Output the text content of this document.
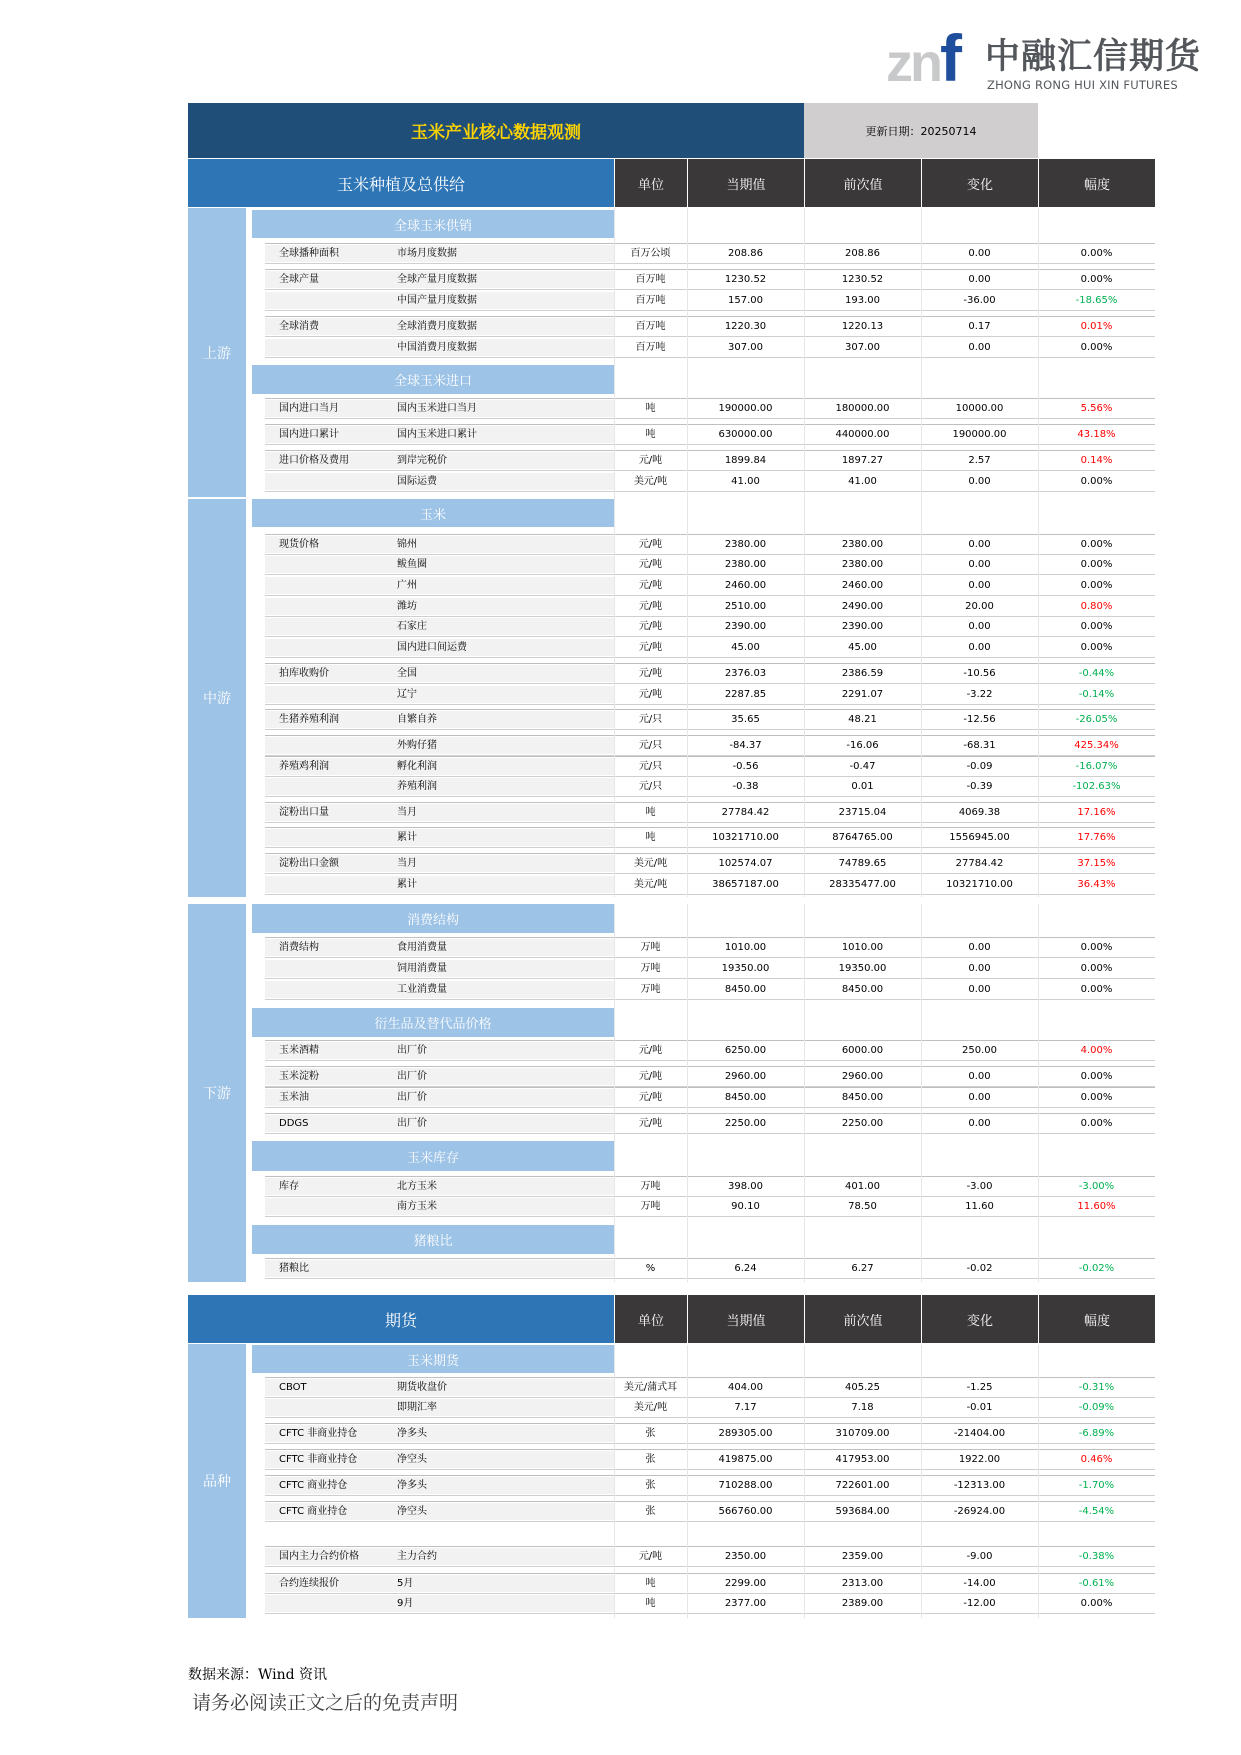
zn f 中融汇信期货
ZHONG RONG HUI XIN FUTURES
玉米产业核心数据观测	更新日期：20250714
玉米种植及总供给	单位	当期值	前次值	变化	幅度
期货	单位	当期值	前次值	变化	幅度
上游
中游
下游
品种
全球玉米供销
全球玉米进口
玉米
消费结构
衍生品及替代品价格
玉米库存
猪粮比
玉米期货
全球播种面积	市场月度数据	百万公顷	208.86	208.86	0.00	0.00%
全球产量	全球产量月度数据	百万吨	1230.52	1230.52	0.00	0.00%
中国产量月度数据	百万吨	157.00	193.00	-36.00	-18.65%
全球消费	全球消费月度数据	百万吨	1220.30	1220.13	0.17	0.01%
中国消费月度数据	百万吨	307.00	307.00	0.00	0.00%
国内进口当月	国内玉米进口当月	吨	190000.00	180000.00	10000.00	5.56%
国内进口累计	国内玉米进口累计	吨	630000.00	440000.00	190000.00	43.18%
进口价格及费用	到岸完税价	元/吨	1899.84	1897.27	2.57	0.14%
国际运费	美元/吨	41.00	41.00	0.00	0.00%
现货价格	锦州	元/吨	2380.00	2380.00	0.00	0.00%
鲅鱼圈	元/吨	2380.00	2380.00	0.00	0.00%
广州	元/吨	2460.00	2460.00	0.00	0.00%
潍坊	元/吨	2510.00	2490.00	20.00	0.80%
石家庄	元/吨	2390.00	2390.00	0.00	0.00%
国内进口间运费	元/吨	45.00	45.00	0.00	0.00%
拍库收购价	全国	元/吨	2376.03	2386.59	-10.56	-0.44%
辽宁	元/吨	2287.85	2291.07	-3.22	-0.14%
生猪养殖利润	自繁自养	元/只	35.65	48.21	-12.56	-26.05%
外购仔猪	元/只	-84.37	-16.06	-68.31	425.34%
养殖鸡利润	孵化利润	元/只	-0.56	-0.47	-0.09	-16.07%
养殖利润	元/只	-0.38	0.01	-0.39	-102.63%
淀粉出口量	当月	吨	27784.42	23715.04	4069.38	17.16%
累计	吨	10321710.00	8764765.00	1556945.00	17.76%
淀粉出口金额	当月	美元/吨	102574.07	74789.65	27784.42	37.15%
累计	美元/吨	38657187.00	28335477.00	10321710.00	36.43%
消费结构	食用消费量	万吨	1010.00	1010.00	0.00	0.00%
饲用消费量	万吨	19350.00	19350.00	0.00	0.00%
工业消费量	万吨	8450.00	8450.00	0.00	0.00%
玉米酒精	出厂价	元/吨	6250.00	6000.00	250.00	4.00%
玉米淀粉	出厂价	元/吨	2960.00	2960.00	0.00	0.00%
玉米油	出厂价	元/吨	8450.00	8450.00	0.00	0.00%
DDGS	出厂价	元/吨	2250.00	2250.00	0.00	0.00%
库存	北方玉米	万吨	398.00	401.00	-3.00	-3.00%
南方玉米	万吨	90.10	78.50	11.60	11.60%
猪粮比	%	6.24	6.27	-0.02	-0.02%
CBOT	期货收盘价	美元/蒲式耳	404.00	405.25	-1.25	-0.31%
即期汇率	美元/吨	7.17	7.18	-0.01	-0.09%
CFTC 非商业持仓	净多头	张	289305.00	310709.00	-21404.00	-6.89%
CFTC 非商业持仓	净空头	张	419875.00	417953.00	1922.00	0.46%
CFTC 商业持仓	净多头	张	710288.00	722601.00	-12313.00	-1.70%
CFTC 商业持仓	净空头	张	566760.00	593684.00	-26924.00	-4.54%
国内主力合约价格	主力合约	元/吨	2350.00	2359.00	-9.00	-0.38%
合约连续报价	5月	吨	2299.00	2313.00	-14.00	-0.61%
9月	吨	2377.00	2389.00	-12.00	0.00%
数据来源：Wind 资讯
请务必阅读正文之后的免责声明
